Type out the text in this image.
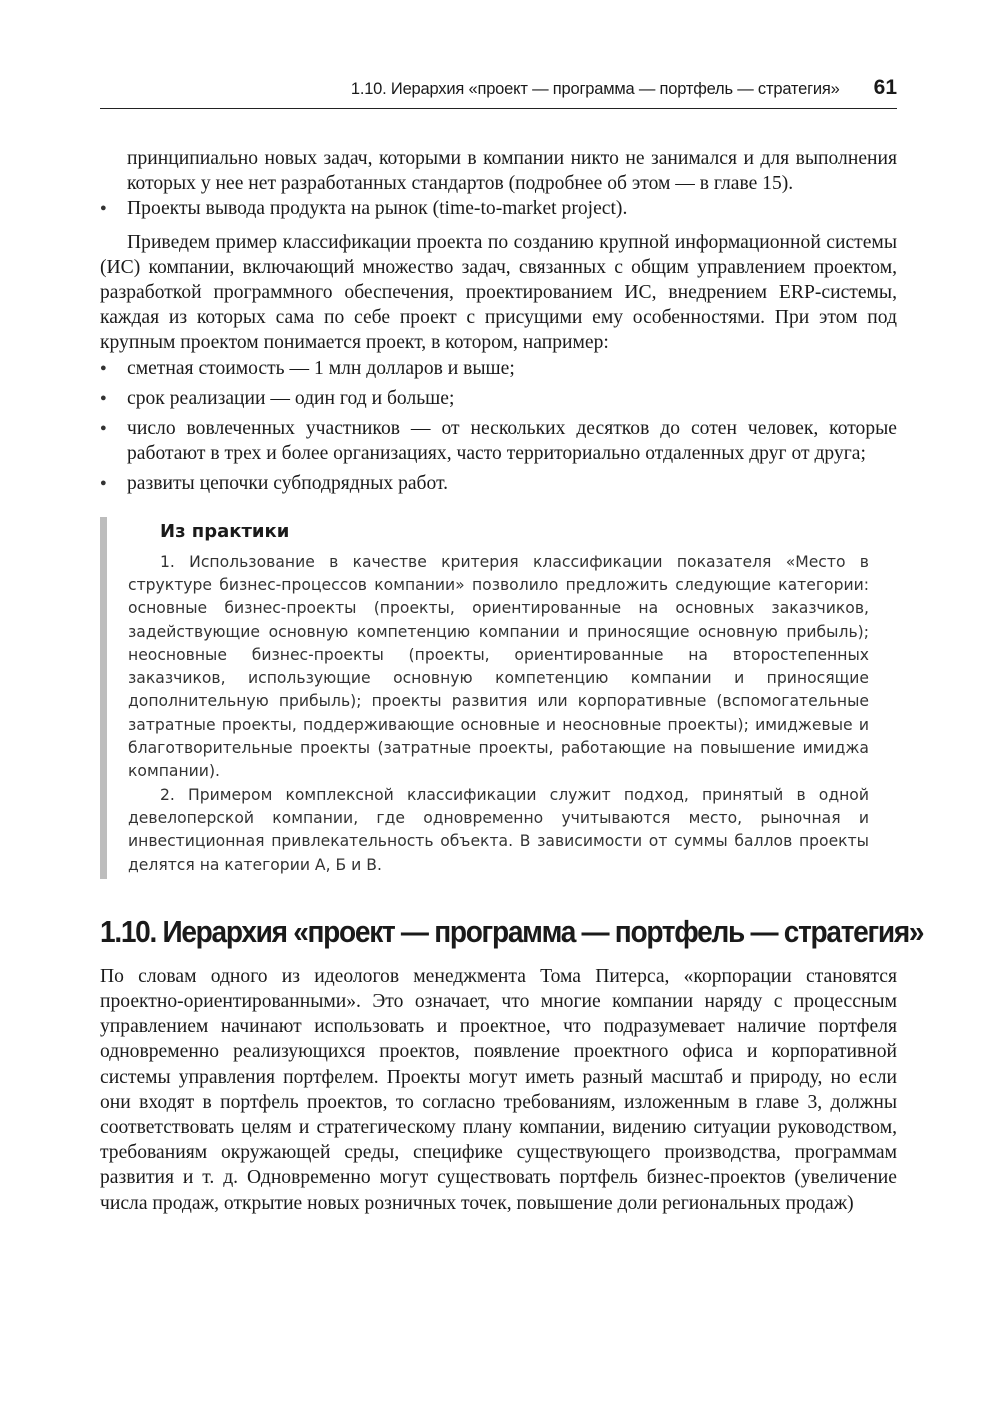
1.10. Иерархия «проект — программа — портфель — стратегия» 61

принципиально новых задач, которыми в компании никто не занимался и для выполнения которых у нее нет разработанных стандартов (подробнее об этом — в главе 15).

● Проекты вывода продукта на рынок (time-to-market project).

Приведем пример классификации проекта по созданию крупной информационной системы (ИС) компании, включающий множество задач, связанных с общим управлением проектом, разработкой программного обеспечения, проектированием ИС, внедрением ERP-системы, каждая из которых сама по себе проект с присущими ему особенностями. При этом под крупным проектом понимается проект, в котором, например:

● сметная стоимость — 1 млн долларов и выше;
● срок реализации — один год и больше;
● число вовлеченных участников — от нескольких десятков до сотен человек, которые работают в трех и более организациях, часто территориально отдаленных друг от друга;
● развиты цепочки субподрядных работ.
Из практики

1. Использование в качестве критерия классификации показателя «Место в структуре бизнес-процессов компании» позволило предложить следующие категории: основные бизнес-проекты (проекты, ориентированные на основных заказчиков, задействующие основную компетенцию компании и приносящие основную прибыль); неосновные бизнес-проекты (проекты, ориентированные на второстепенных заказчиков, использующие основную компетенцию компании и приносящие дополнительную прибыль); проекты развития или корпоративные (вспомогательные затратные проекты, поддерживающие основные и неосновные проекты); имиджевые и благотворительные проекты (затратные проекты, работающие на повышение имиджа компании).

2. Примером комплексной классификации служит подход, принятый в одной девелоперской компании, где одновременно учитываются место, рыночная и инвестиционная привлекательность объекта. В зависимости от суммы баллов проекты делятся на категории А, Б и В.

1.10. Иерархия «проект — программа — портфель — стратегия»

По словам одного из идеологов менеджмента Тома Питерса, «корпорации становятся проектно-ориентированными». Это означает, что многие компании наряду с процессным управлением начинают использовать и проектное, что подразумевает наличие портфеля одновременно реализующихся проектов, появление проектного офиса и корпоративной системы управления портфелем. Проекты могут иметь разный масштаб и природу, но если они входят в портфель проектов, то согласно требованиям, изложенным в главе 3, должны соответствовать целям и стратегическому плану компании, видению ситуации руководством, требованиям окружающей среды, специфике существующего производства, программам развития и т. д. Одновременно могут существовать портфель бизнес-проектов (увеличение числа продаж, открытие новых розничных точек, повышение доли региональных продаж)
